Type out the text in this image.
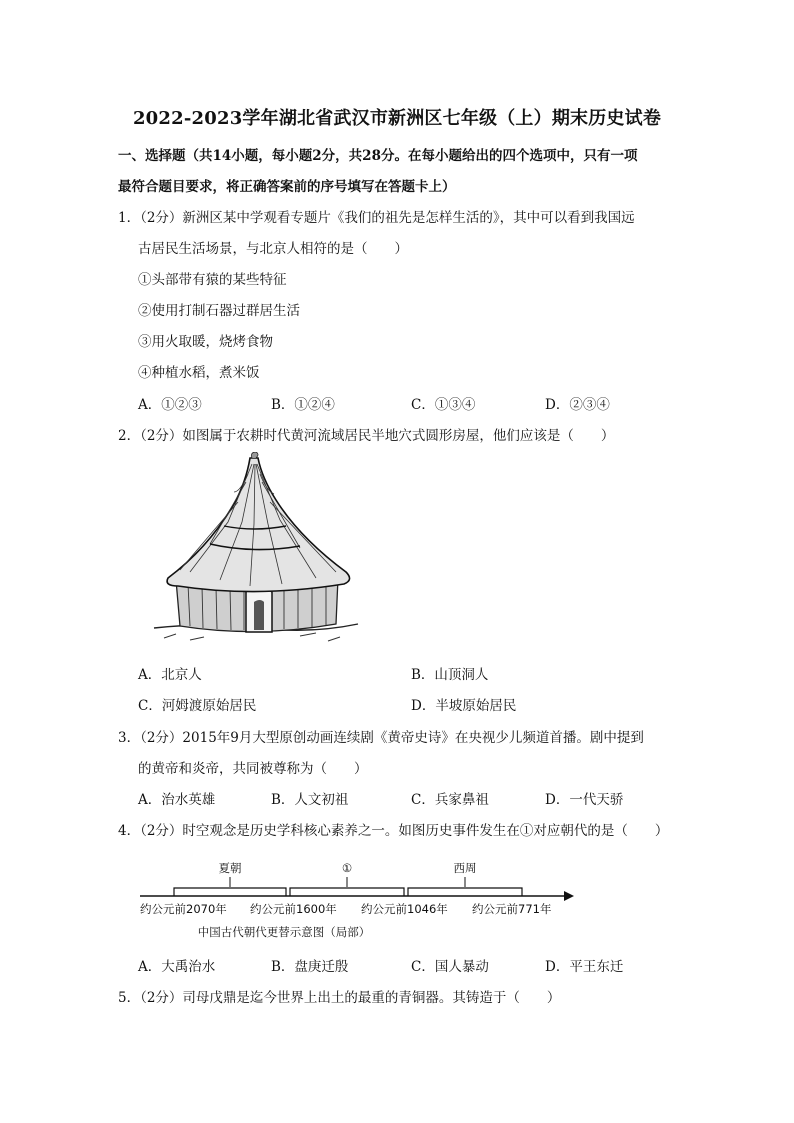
2022-2023学年湖北省武汉市新洲区七年级（上）期末历史试卷
一、选择题（共14小题，每小题2分，共28分。在每小题给出的四个选项中，只有一项
最符合题目要求，将正确答案前的序号填写在答题卡上）
1．（2分）新洲区某中学观看专题片《我们的祖先是怎样生活的》，其中可以看到我国远
古居民生活场景，与北京人相符的是（　　）
①头部带有猿的某些特征
②使用打制石器过群居生活
③用火取暖，烧烤食物
④种植水稻，煮米饭
A．①②③	B．①②④	C．①③④	D．②③④
2．（2分）如图属于农耕时代黄河流域居民半地穴式圆形房屋，他们应该是（　　）
A．北京人	B．山顶洞人
C．河姆渡原始居民	D．半坡原始居民
3．（2分）2015年9月大型原创动画连续剧《黄帝史诗》在央视少儿频道首播。剧中提到
的黄帝和炎帝，共同被尊称为（　　）
A．治水英雄	B．人文初祖	C．兵家鼻祖	D．一代天骄
4．（2分）时空观念是历史学科核心素养之一。如图历史事件发生在①对应朝代的是（　　）
夏朝	①	西周
约公元前2070年 约公元前1600年 约公元前1046年 约公元前771年
中国古代朝代更替示意图（局部）
A．大禹治水	B．盘庚迁殷	C．国人暴动	D．平王东迁
5．（2分）司母戊鼎是迄今世界上出土的最重的青铜器。其铸造于（　　）
